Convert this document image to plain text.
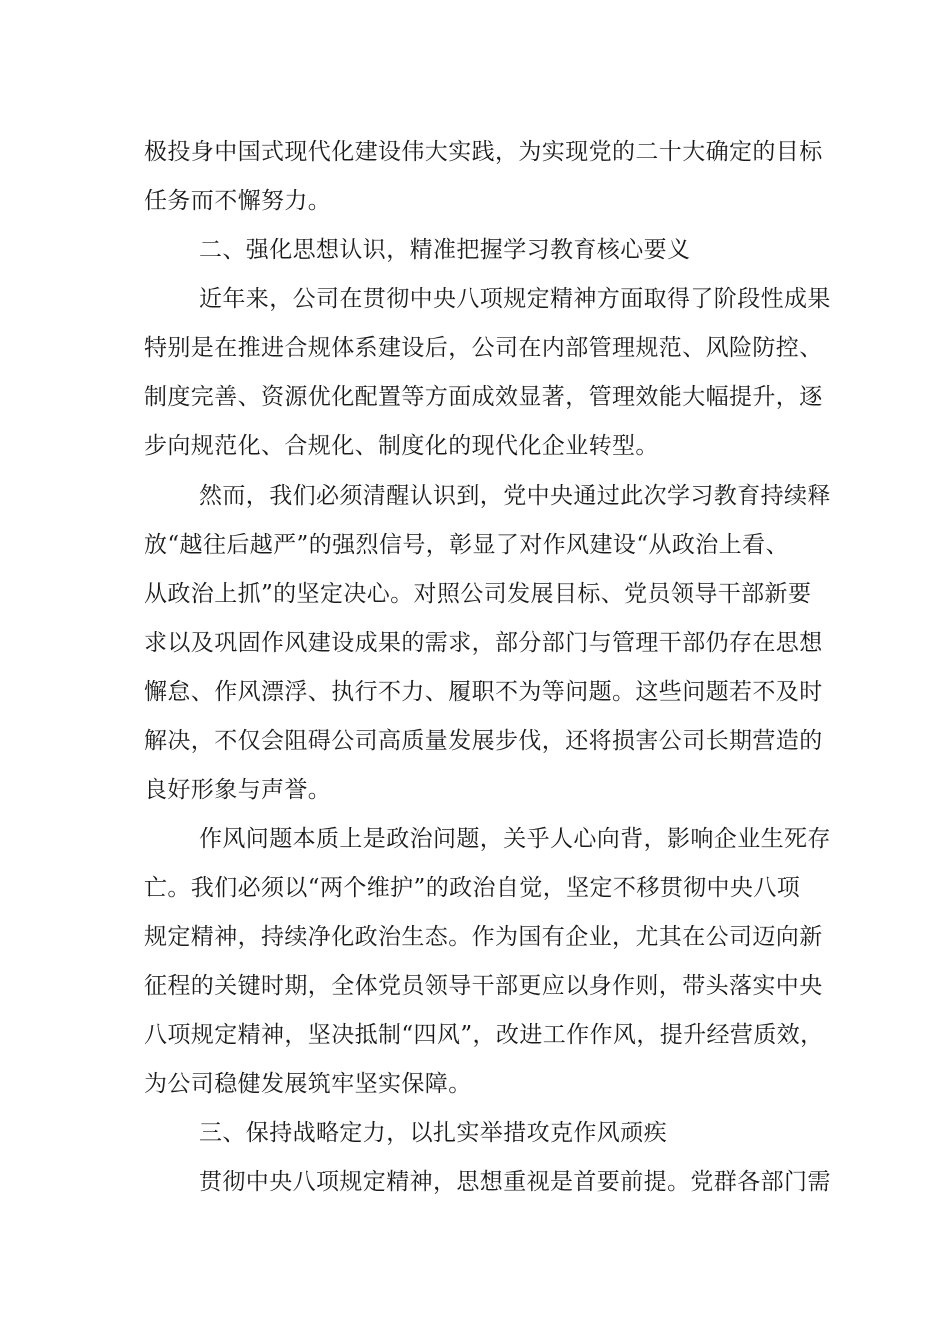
极投身中国式现代化建设伟大实践，为实现党的二十大确定的目标
任务而不懈努力。
二、强化思想认识，精准把握学习教育核心要义
近年来，公司在贯彻中央八项规定精神方面取得了阶段性成果
特别是在推进合规体系建设后，公司在内部管理规范、风险防控、
制度完善、资源优化配置等方面成效显著，管理效能大幅提升，逐
步向规范化、合规化、制度化的现代化企业转型。
然而，我们必须清醒认识到，党中央通过此次学习教育持续释
放“越往后越严”的强烈信号，彰显了对作风建设“从政治上看、
从政治上抓”的坚定决心。对照公司发展目标、党员领导干部新要
求以及巩固作风建设成果的需求，部分部门与管理干部仍存在思想
懈怠、作风漂浮、执行不力、履职不为等问题。这些问题若不及时
解决，不仅会阻碍公司高质量发展步伐，还将损害公司长期营造的
良好形象与声誉。
作风问题本质上是政治问题，关乎人心向背，影响企业生死存
亡。我们必须以“两个维护”的政治自觉，坚定不移贯彻中央八项
规定精神，持续净化政治生态。作为国有企业，尤其在公司迈向新
征程的关键时期，全体党员领导干部更应以身作则，带头落实中央
八项规定精神，坚决抵制“四风”，改进工作作风，提升经营质效，
为公司稳健发展筑牢坚实保障。
三、保持战略定力，以扎实举措攻克作风顽疾
贯彻中央八项规定精神，思想重视是首要前提。党群各部门需
